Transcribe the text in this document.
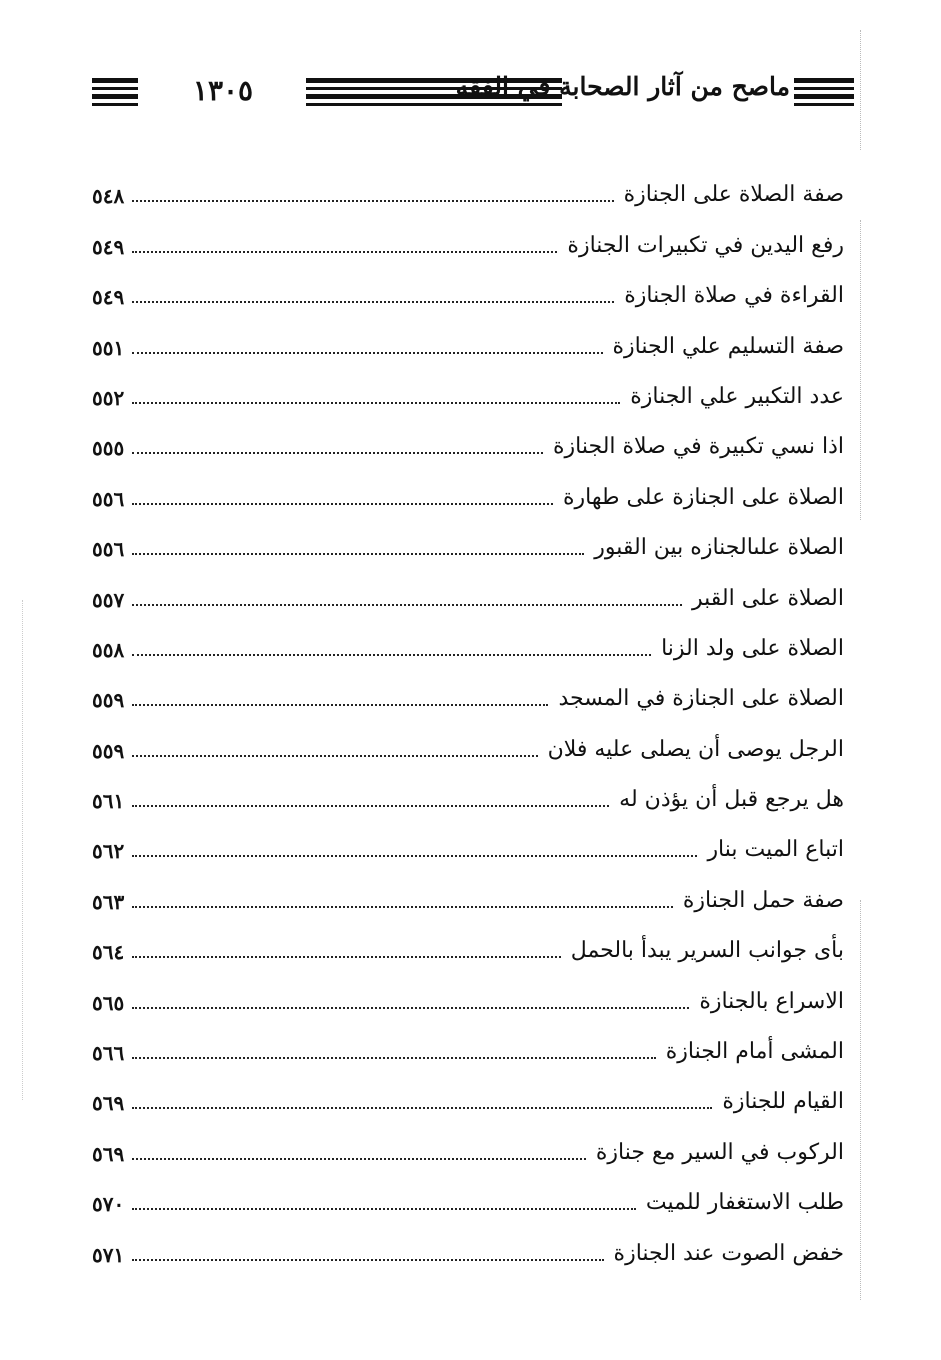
١٣٠٥	ماصح من آثار الصحابة في الفقه
٥٤٨	صفة الصلاة على الجنازة
٥٤٩	رفع اليدين في تكبيرات الجنازة
٥٤٩	القراءة في صلاة الجنازة
٥٥١	صفة التسليم علي الجنازة
٥٥٢	عدد التكبير علي الجنازة
٥٥٥	اذا نسي تكبيرة في صلاة الجنازة
٥٥٦	الصلاة على الجنازة على طهارة
٥٥٦	الصلاة علىالجنازه بين القبور
٥٥٧	الصلاة على القبر
٥٥٨	الصلاة على ولد الزنا
٥٥٩	الصلاة على الجنازة في المسجد
٥٥٩	الرجل يوصى أن يصلى عليه فلان
٥٦١	هل يرجع قبل أن يؤذن له
٥٦٢	اتباع الميت بنار
٥٦٣	صفة حمل الجنازة
٥٦٤	بأى جوانب السرير يبدأ بالحمل
٥٦٥	الاسراع بالجنازة
٥٦٦	المشى أمام الجنازة
٥٦٩	القيام للجنازة
٥٦٩	الركوب في السير مع جنازة
٥٧٠	طلب الاستغفار للميت
٥٧١	خفض الصوت عند الجنازة
